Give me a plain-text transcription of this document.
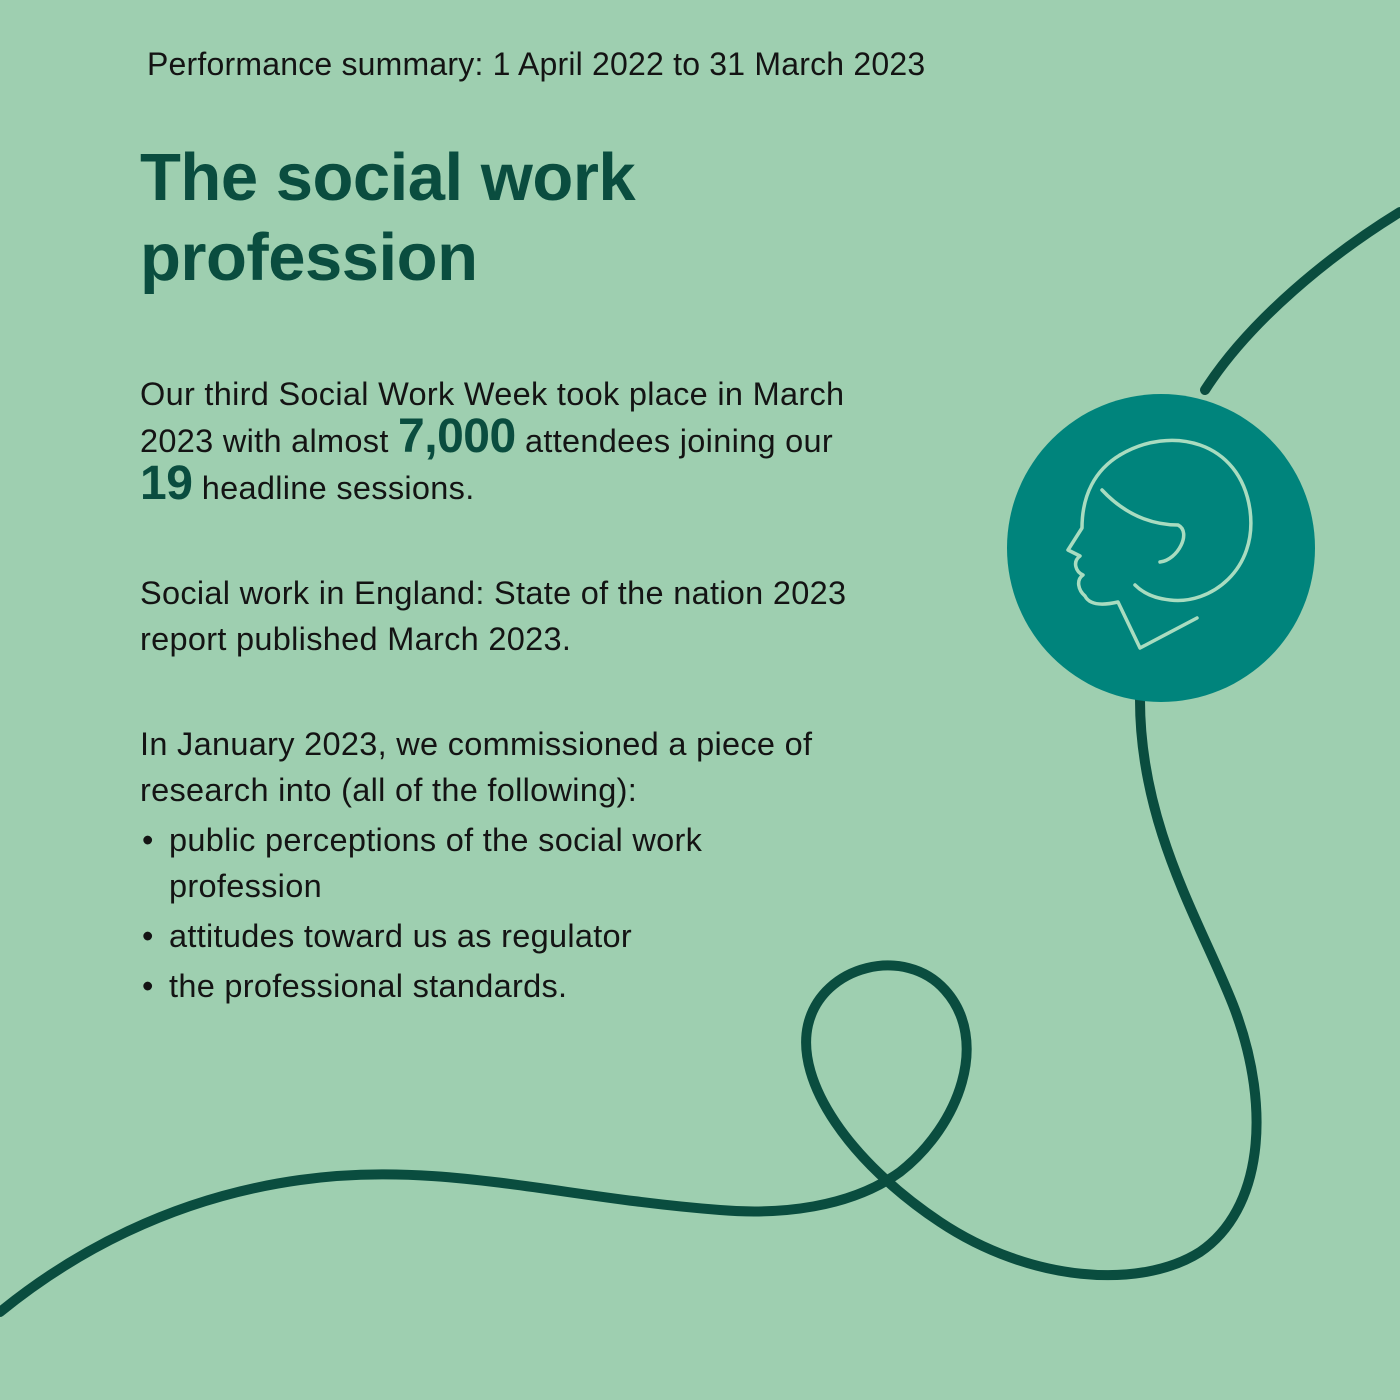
Performance summary: 1 April 2022 to 31 March 2023
The social work
profession
Our third Social Work Week took place in March
2023 with almost 7,000 attendees joining our
19 headline sessions.
Social work in England: State of the nation 2023
report published March 2023.
In January 2023, we commissioned a piece of
research into (all of the following):
• public perceptions of the social work
profession
• attitudes toward us as regulator
• the professional standards.
